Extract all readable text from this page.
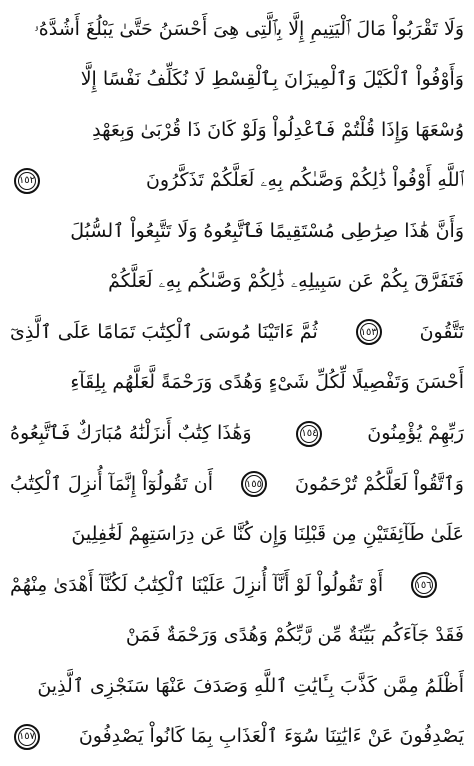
وَلَا تَقْرَبُواْ مَالَ ٱلْيَتِيمِ إِلَّا بِٱلَّتِى هِىَ أَحْسَنُ حَتَّىٰ يَبْلُغَ أَشُدَّهُۥ
وَأَوْفُواْ ٱلْكَيْلَ وَٱلْمِيزَانَ بِٱلْقِسْطِ لَا نُكَلِّفُ نَفْسًا إِلَّا
وُسْعَهَا وَإِذَا قُلْتُمْ فَٱعْدِلُواْ وَلَوْ كَانَ ذَا قُرْبَىٰ وَبِعَهْدِ
ٱللَّهِ أَوْفُواْ ذَٰلِكُمْ وَصَّىٰكُم بِهِۦ لَعَلَّكُمْ تَذَكَّرُونَ
١٥٢
وَأَنَّ هَٰذَا صِرَٰطِى مُسْتَقِيمًا فَٱتَّبِعُوهُ وَلَا تَتَّبِعُواْ ٱلسُّبُلَ
فَتَفَرَّقَ بِكُمْ عَن سَبِيلِهِۦ ذَٰلِكُمْ وَصَّىٰكُم بِهِۦ لَعَلَّكُمْ
تَتَّقُونَ
١٥٣
ثُمَّ ءَاتَيْنَا مُوسَى ٱلْكِتَٰبَ تَمَامًا عَلَى ٱلَّذِىٓ
أَحْسَنَ وَتَفْصِيلًا لِّكُلِّ شَىْءٍ وَهُدًى وَرَحْمَةً لَّعَلَّهُم بِلِقَآءِ
رَبِّهِمْ يُؤْمِنُونَ
١٥٤
وَهَٰذَا كِتَٰبٌ أَنزَلْنَٰهُ مُبَارَكٌ فَٱتَّبِعُوهُ
وَٱتَّقُواْ لَعَلَّكُمْ تُرْحَمُونَ
١٥٥
أَن تَقُولُوٓاْ إِنَّمَآ أُنزِلَ ٱلْكِتَٰبُ
عَلَىٰ طَآئِفَتَيْنِ مِن قَبْلِنَا وَإِن كُنَّا عَن دِرَاسَتِهِمْ لَغَٰفِلِينَ
١٥٦
أَوْ تَقُولُواْ لَوْ أَنَّآ أُنزِلَ عَلَيْنَا ٱلْكِتَٰبُ لَكُنَّآ أَهْدَىٰ مِنْهُمْ
فَقَدْ جَآءَكُم بَيِّنَةٌ مِّن رَّبِّكُمْ وَهُدًى وَرَحْمَةٌ فَمَنْ
أَظْلَمُ مِمَّن كَذَّبَ بِـَٔايَٰتِ ٱللَّهِ وَصَدَفَ عَنْهَا سَنَجْزِى ٱلَّذِينَ
يَصْدِفُونَ عَنْ ءَايَٰتِنَا سُوٓءَ ٱلْعَذَابِ بِمَا كَانُواْ يَصْدِفُونَ
١٥٧
